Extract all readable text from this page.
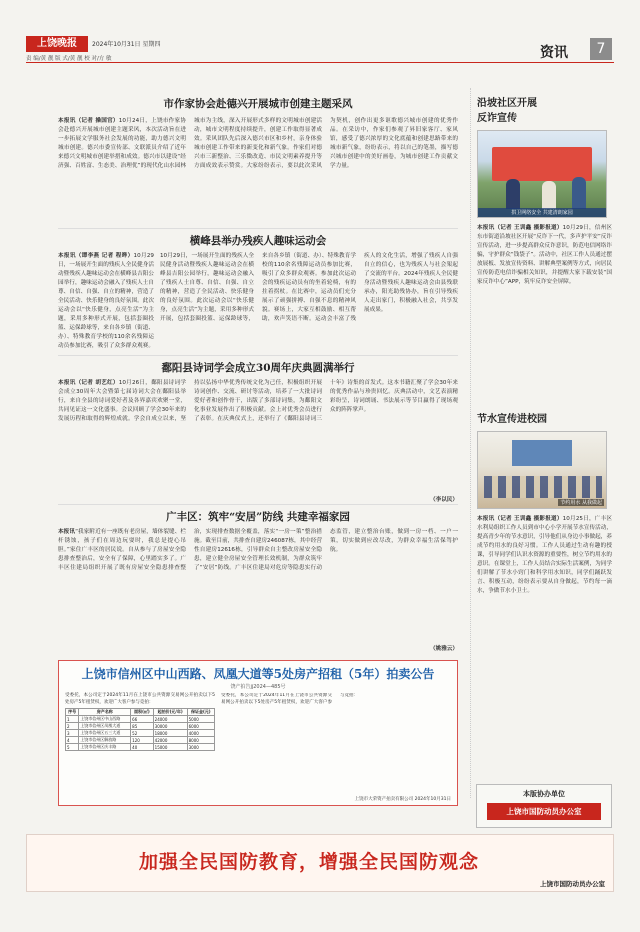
上饶晚报	2024年10月31日 星期四
责 编/黄 靓 版 式/黄 靓 校 对/方 敏	资讯	7
市作家协会赴德兴开展城市创建主题采风
本报讯（记者 操国官）10月24日，上饶市作家协会赴德兴开展城市创建主题采风，本次活动旨在进一步拓展文学服务社会发展的功能，助力德兴文明城市创建。德兴市委宣传部、文联派员介绍了近年来德兴文明城市创建举措和成效。德兴市以建设“经济强、百姓富、生态美、治理优”的现代化山水园林城市为主线，深入开展形式多样的文明城市创建活动，城市文明程度持续提升，创建工作取得显著成效。采风团队先后深入德兴市区和乡村，亲身体验城市创建工作带来的新变化和新气象。作家们对德兴市三新整治、三乐微改造、市民文明素养提升等方面成效表示赞赏。大家纷纷表示，要以此次采风为契机，创作出更多讴歌德兴城市创建的优秀作品。在采访中，作家们参观了昇旧家客厅、家风馆，感受了德兴浓厚的文化底蕴和创建思路带来的城市新气象，纷纷表示，将以自己的笔墨，描写德兴城市创建中的美好画卷，为城市创建工作贡献文学力量。
横峰县举办残疾人趣味运动会
本报讯（谭李燕 记者 程晔）10月29日，一场展开生面的残疾人全民健身活动暨残疾人趣味运动会在横峰县吉阳公园举行，趣味运动会融入了残疾人士自尊、自信、自强、自立的精神，营造了全民活动、快乐健身的良好氛围。此次运动会以“快乐健身，点亮生活”为主题，采用多种形式开展，包括套圈投篮、运保龄球等，来自各乡镇（街道、办）、特殊教育学校的110余名残障运动员参加比赛，吸引了众多群众观赛。
10月29日，一场展开生面的残疾人全民健身活动暨残疾人趣味运动会在横峰县吉阳公园举行，趣味运动会融入了残疾人士自尊、自信、自强、自立的精神，营造了全民活动、快乐健身的良好氛围。此次运动会以“快乐健身，点亮生活”为主题，采用多种形式开展，包括套圈投篮、运保龄球等，来自各乡镇（街道、办）、特殊教育学校的110余名残障运动员参加比赛，吸引了众多群众观赛。参加此次运动会的残疾运动员有的坐着轮椅，有的拄着拐杖。在比赛中，运动员们充分展示了顽强拼搏、自强不息的精神风貌。赛场上，大家互相鼓励、相互帮助，欢声笑语不断。运动会丰富了残疾人的文化生活，增强了残疾人自强自立的信心，也为残疾人与社会架起了交流的平台。2024年残疾人全民健身活动暨残疾人趣味运动会由县残联承办，阳光助残协办，旨在引导残疾人走出家门，积极融入社会，共享发展成果。
鄱阳县诗词学会成立30周年庆典圆满举行
本报讯（记者 胡艺红）10月26日，鄱阳县诗词学会成立30周年大会暨第七届诗词大会在鄱阳县举行，来自全县的诗词爱好者及各界嘉宾欢聚一堂，共同见证这一文化盛事。会议回顾了学会30年来的发展历程和取得的辉煌成就。学会自成立以来，坚持以弘扬中华优秀传统文化为己任，积极组织开展诗词创作、交流、研讨等活动，培养了一大批诗词爱好者和创作骨干，出版了多部诗词集，为鄱阳文化事业发展作出了积极贡献。会上对优秀会员进行了表彰。在庆典仪式上，还举行了《鄱阳县诗词三十年》诗集的首发式。这本书籍汇聚了学会30年来的优秀作品与珍贵回忆。庆典活动中，文艺表演精彩纷呈，诗词朗诵、书法展示等节目赢得了现场观众的阵阵掌声。
（李以民）
广丰区：筑牢“安居”防线 共建幸福家园
本报讯“我家附近有一座既有老房屋，墙体裂缝、栏杆锈蚀，孩子们在周边玩耍时，我总是提心吊胆。”家住广丰区的居民说。自从参与了房屋安全隐患排查整治后，安全有了保障，心里踏实多了。广丰区住建局组织开展了既有房屋安全隐患排查整治，实现排查数据全覆盖，落实“一房一策”整治措施。截至目前，共排查自建房246087栋，其中经营性自建房12616栋，引导群众自主整改房屋安全隐患，建立健全房屋安全管理长效机制，为群众筑牢了“安居”防线。广丰区住建局对危房等隐患实行动态监管，建立整治台账，做到一房一档、一户一策，切实做到应改尽改，为群众幸福生活保驾护航。
（姚雅云）
沿坡社区开展
反诈宣传
拱卫网络安全 共建清朗家园
本报讯（记者 王训鑫 摄影报道）10月29日，信州区东市街道沿坡社区开展“反诈下一代，多声护平安”反诈宣传活动，进一步提高群众反诈意识，防范电信网络诈骗，守护群众“钱袋子”。活动中，社区工作人员通过摆放展板、发放宣传资料、讲解典型案例等方式，向居民宣传防范电信诈骗相关知识，并提醒大家下载安装“国家反诈中心”APP，筑牢反诈安全屏障。
节水宣传进校园
节约用水 从我做起
本报讯（记者 王训鑫 摄影报道）10月25日，广丰区水利局组织工作人员到市中心小学开展节水宣传活动，提高青少年的节水意识，引导他们从身边小事做起，养成节约用水的良好习惯。工作人员通过生动有趣的授课，引导同学们认识水资源的重要性，树立节约用水的意识。在课堂上，工作人员结合实际生活案例，为同学们讲解了节水小窍门和科学用水知识，同学们踊跃发言、积极互动，纷纷表示要从自身做起，节约每一滴水，争做节水小卫士。
本版协办单位
上饶市国防动员办公室
上饶市信州区中山西路、凤凰大道等5处房产招租（5年）拍卖公告
饶产拍告jj2024—485号
受委托，本公司定于2024年11月在上饶市公共资源交易网公开拍卖以下5处房产5年租赁权，欢迎广大客户参与竞拍：
序号	房产名称	面积(㎡)	起拍价(元/年)	保证金(元)
1	上饶市信州区中山西路	66	24000	5000
2	上饶市信州区凤凰大道	85	30000	6000
3	上饶市信州区五三大道	52	18000	4000
4	上饶市信州区解放路	120	42000	8000
5	上饶市信州区庆丰路	40	15000	3000
受委托，本公司定于2024年11月在上饶市公共资源交易网公开拍卖以下5处房产5年租赁权，欢迎广大客户参与竞拍：
上饶市大荣资产拍卖有限公司 2024年10月31日
加强全民国防教育，增强全民国防观念
上饶市国防动员办公室
